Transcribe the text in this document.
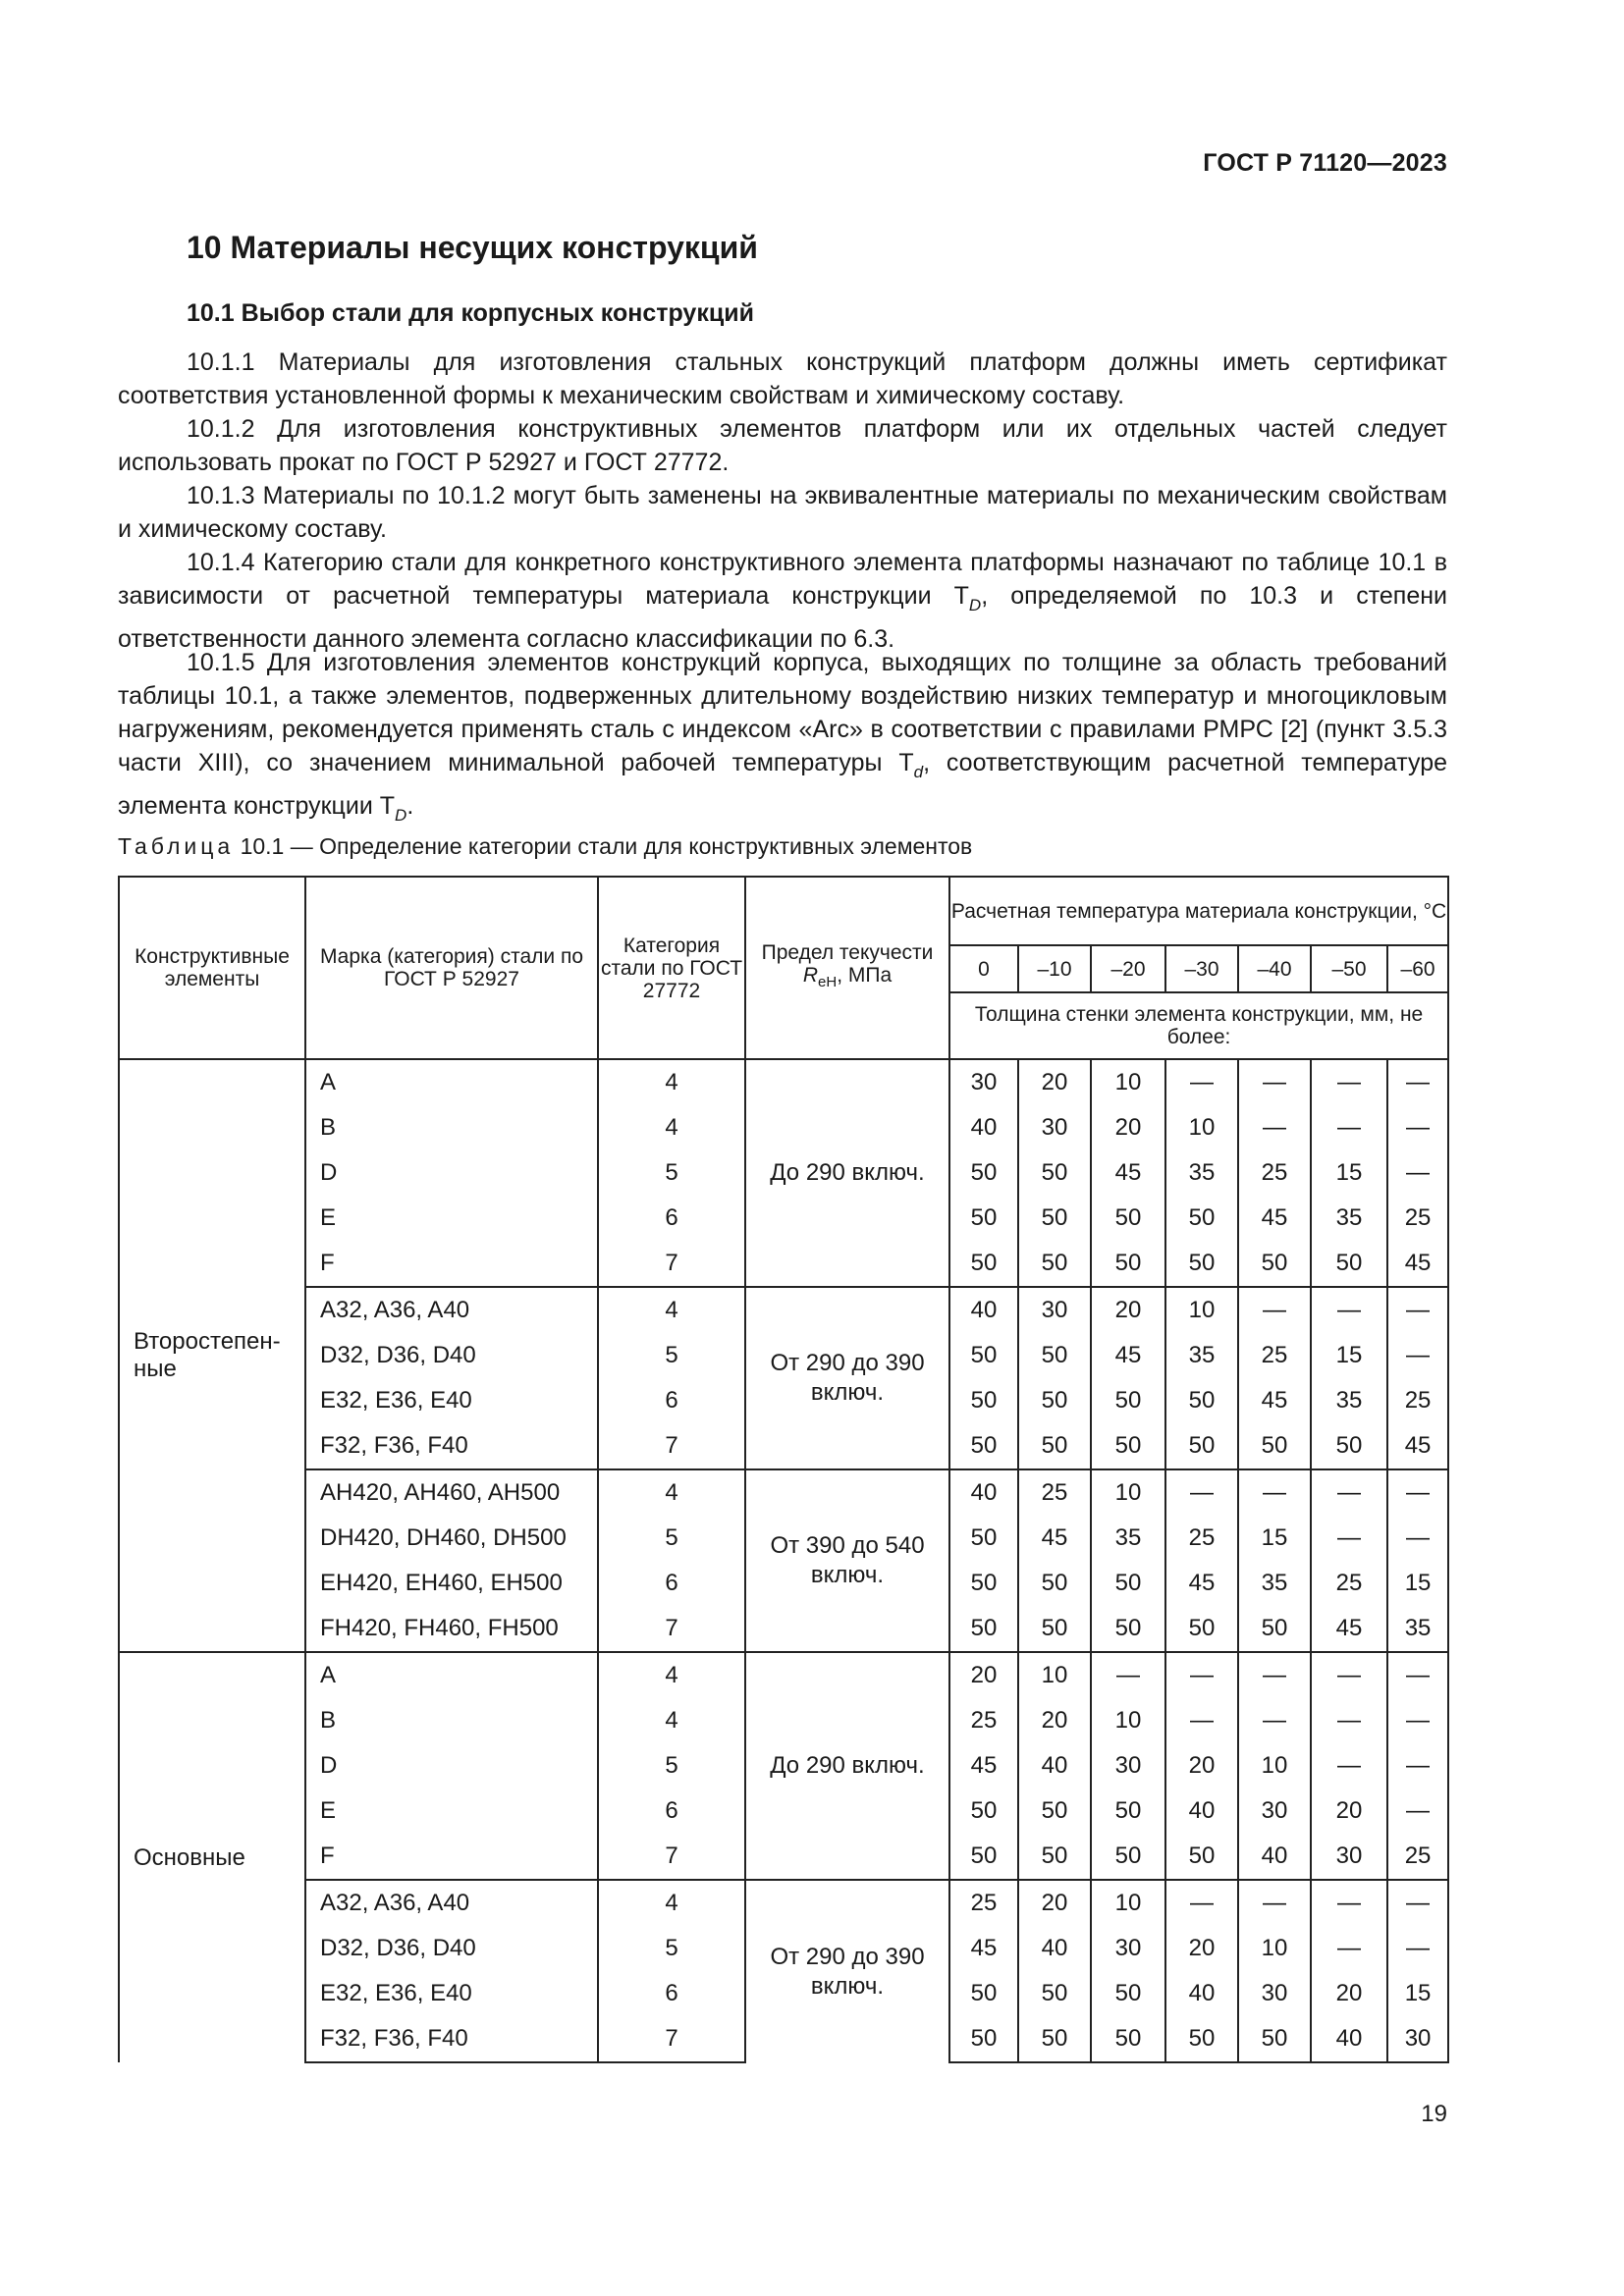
ГОСТ Р 71120—2023
10 Материалы несущих конструкций
10.1 Выбор стали для корпусных конструкций

10.1.1 Материалы для изготовления стальных конструкций платформ должны иметь сертификат соответствия установленной формы к механическим свойствам и химическому составу.

10.1.2 Для изготовления конструктивных элементов платформ или их отдельных частей следует использовать прокат по ГОСТ Р 52927 и ГОСТ 27772.

10.1.3 Материалы по 10.1.2 могут быть заменены на эквивалентные материалы по механическим свойствам и химическому составу.

10.1.4 Категорию стали для конкретного конструктивного элемента платформы назначают по таблице 10.1 в зависимости от расчетной температуры материала конструкции $T_D$, определяемой по 10.3 и степени ответственности данного элемента согласно классификации по 6.3.

10.1.5 Для изготовления элементов конструкций корпуса, выходящих по толщине за область требований таблицы 10.1, а также элементов, подверженных длительному воздействию низких температур и многоцикловым нагружениям, рекомендуется применять сталь с индексом «Arc» в соответствии с правилами РМРС [2] (пункт 3.5.3 части XIII), со значением минимальной рабочей температуры $T_d$, соответствующим расчетной температуре элемента конструкции $T_D$.

Таблица 10.1 — Определение категории стали для конструктивных элементов
Конструктивные элементы	Марка (категория) стали по ГОСТ Р 52927	Категория стали по ГОСТ 27772	Предел текучести $R_{eH}$, МПа	Расчетная температура материала конструкции, °С						
				0	–10	–20	–30	–40	–50	–60
				Толщина стенки элемента конструкции, мм, не более:						
Второстепен-ные	A	4	До 290 включ.	30	20	10	—	—	—	—
	B	4		40	30	20	10	—	—	—
	D	5		50	50	45	35	25	15	—
	E	6		50	50	50	50	45	35	25
	F	7		50	50	50	50	50	50	45
	A32, A36, A40	4	От 290 до 390 включ.	40	30	20	10	—	—	—
	D32, D36, D40	5		50	50	45	35	25	15	—
	E32, E36, E40	6		50	50	50	50	45	35	25
	F32, F36, F40	7		50	50	50	50	50	50	45
	AH420, AH460, AH500	4	От 390 до 540 включ.	40	25	10	—	—	—	—
	DH420, DH460, DH500	5		50	45	35	25	15	—	—
	EH420, EH460, EH500	6		50	50	50	45	35	25	15
	FH420, FH460, FH500	7		50	50	50	50	50	45	35
Основные	A	4	До 290 включ.	20	10	—	—	—	—	—
	B	4		25	20	10	—	—	—	—
	D	5		45	40	30	20	10	—	—
	E	6		50	50	50	40	30	20	—
	F	7		50	50	50	50	40	30	25
	A32, A36, A40	4	От 290 до 390 включ.	25	20	10	—	—	—	—
	D32, D36, D40	5		45	40	30	20	10	—	—
	E32, E36, E40	6		50	50	50	40	30	20	15
	F32, F36, F40	7		50	50	50	50	50	40	30
19
